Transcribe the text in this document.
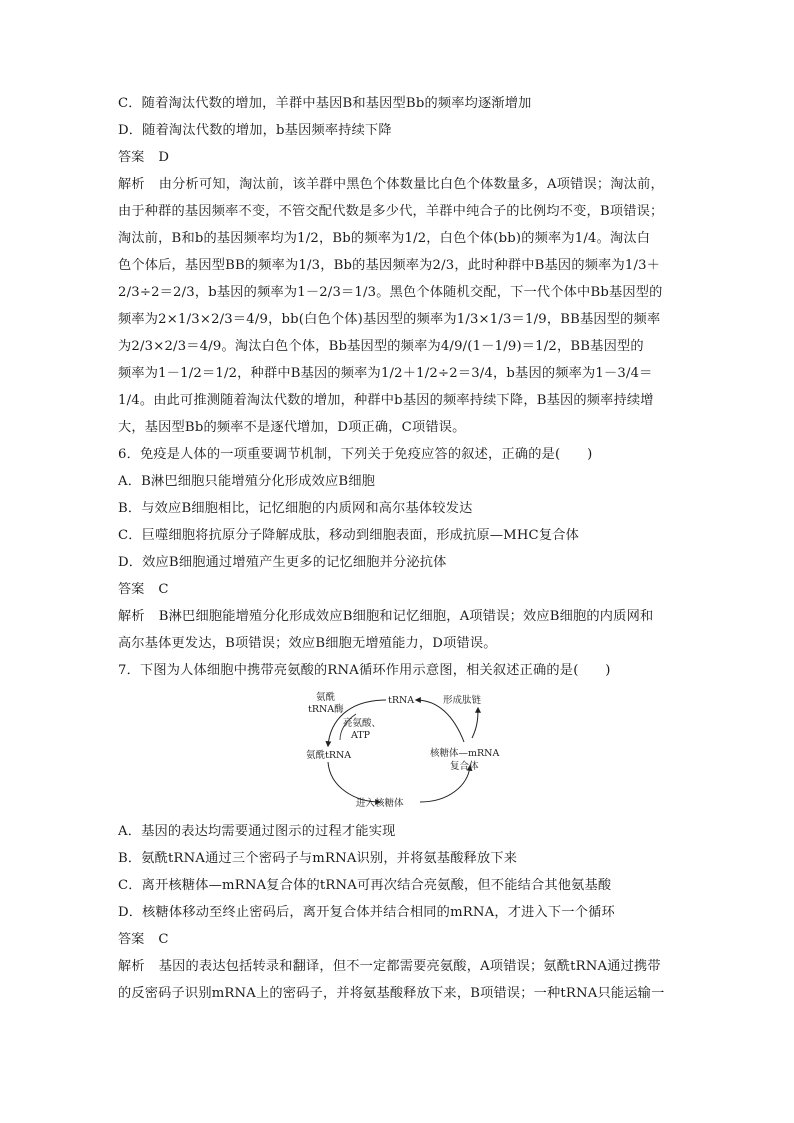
C．随着淘汰代数的增加，羊群中基因B和基因型Bb的频率均逐渐增加
D．随着淘汰代数的增加，b基因频率持续下降
答案 D
解析 由分析可知，淘汰前，该羊群中黑色个体数量比白色个体数量多，A项错误；淘汰前，
由于种群的基因频率不变，不管交配代数是多少代，羊群中纯合子的比例均不变，B项错误；
淘汰前，B和b的基因频率均为1/2，Bb的频率为1/2，白色个体(bb)的频率为1/4。淘汰白
色个体后，基因型BB的频率为1/3，Bb的基因频率为2/3，此时种群中B基因的频率为1/3＋
2/3÷2＝2/3，b基因的频率为1－2/3＝1/3。黑色个体随机交配，下一代个体中Bb基因型的
频率为2×1/3×2/3＝4/9，bb(白色个体)基因型的频率为1/3×1/3＝1/9，BB基因型的频率
为2/3×2/3＝4/9。淘汰白色个体，Bb基因型的频率为4/9/(1－1/9)＝1/2，BB基因型的
频率为1－1/2＝1/2，种群中B基因的频率为1/2＋1/2÷2＝3/4，b基因的频率为1－3/4＝
1/4。由此可推测随着淘汰代数的增加，种群中b基因的频率持续下降，B基因的频率持续增
大，基因型Bb的频率不是逐代增加，D项正确，C项错误。
6．免疫是人体的一项重要调节机制，下列关于免疫应答的叙述，正确的是(　　)
A．B淋巴细胞只能增殖分化形成效应B细胞
B．与效应B细胞相比，记忆细胞的内质网和高尔基体较发达
C．巨噬细胞将抗原分子降解成肽，移动到细胞表面，形成抗原—MHC复合体
D．效应B细胞通过增殖产生更多的记忆细胞并分泌抗体
答案 C
解析 B淋巴细胞能增殖分化形成效应B细胞和记忆细胞，A项错误；效应B细胞的内质网和
高尔基体更发达，B项错误；效应B细胞无增殖能力，D项错误。
7．下图为人体细胞中携带亮氨酸的RNA循环作用示意图，相关叙述正确的是(　　)
tRNA
氨酰
tRNA酶
亮氨酸、
ATP
氨酰tRNA
形成肽链
核糖体—mRNA
复合体
进入核糖体
A．基因的表达均需要通过图示的过程才能实现
B．氨酰tRNA通过三个密码子与mRNA识别，并将氨基酸释放下来
C．离开核糖体—mRNA复合体的tRNA可再次结合亮氨酸，但不能结合其他氨基酸
D．核糖体移动至终止密码后，离开复合体并结合相同的mRNA，才进入下一个循环
答案 C
解析 基因的表达包括转录和翻译，但不一定都需要亮氨酸，A项错误；氨酰tRNA通过携带
的反密码子识别mRNA上的密码子，并将氨基酸释放下来，B项错误；一种tRNA只能运输一
